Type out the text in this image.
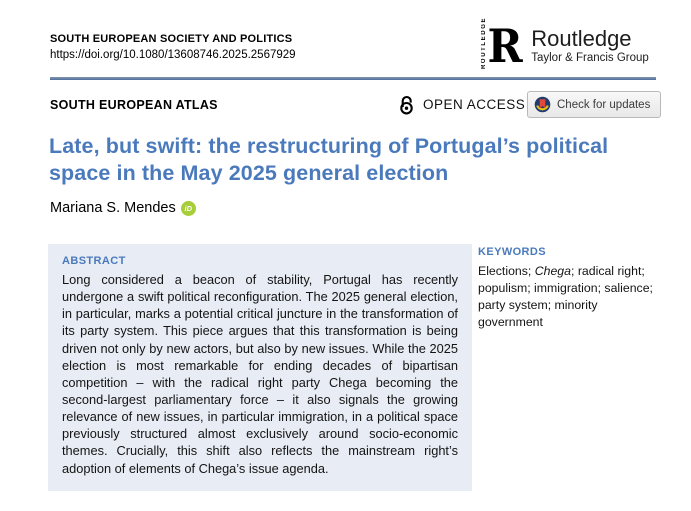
SOUTH EUROPEAN SOCIETY AND POLITICS
https://doi.org/10.1080/13608746.2025.2567929	ROUTLEDGE R Routledge
Taylor & Francis Group
SOUTH EUROPEAN ATLAS	OPEN ACCESS	Check for updates
Late, but swift: the restructuring of Portugal’s political
space in the May 2025 general election
Mariana S. Mendes	iD
ABSTRACT
Long considered a beacon of stability, Portugal has recently undergone a swift political reconfiguration. The 2025 general election, in particular, marks a potential critical juncture in the transformation of its party system. This piece argues that this transformation is being driven not only by new actors, but also by new issues. While the 2025 election is most remarkable for ending decades of bipartisan competition – with the radical right party Chega becoming the second-largest parliamentary force – it also signals the growing relevance of new issues, in particular immigration, in a political space previously structured almost exclusively around socio-economic themes. Crucially, this shift also reflects the mainstream right’s adoption of elements of Chega’s issue agenda.
KEYWORDS
Elections; Chega; radical right; populism; immigration; salience; party system; minority government
